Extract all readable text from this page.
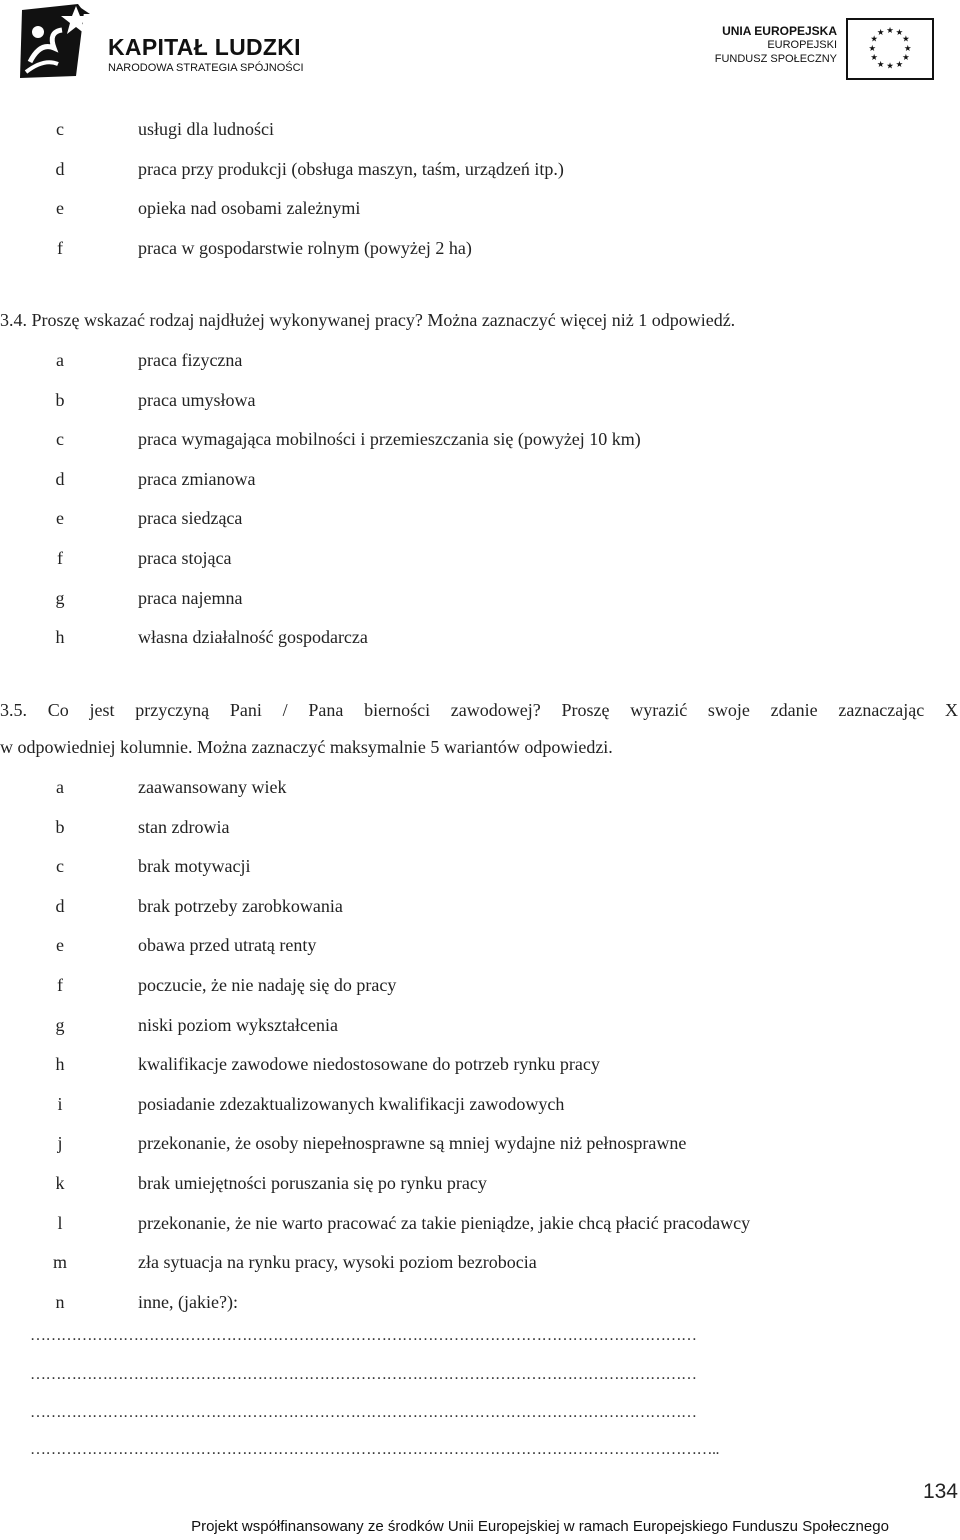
KAPITAŁ LUDZKI
NARODOWA STRATEGIA SPÓJNOŚCI
UNIA EUROPEJSKA
EUROPEJSKI
FUNDUSZ SPOŁECZNY
★ ★
★
★
★
★
★
★
★
★
★
★
c	usługi dla ludności
d	praca przy produkcji (obsługa maszyn, taśm, urządzeń itp.)
e	opieka nad osobami zależnymi
f	praca w gospodarstwie rolnym (powyżej 2 ha)
3.4. Proszę wskazać rodzaj najdłużej wykonywanej pracy? Można zaznaczyć więcej niż 1 odpowiedź.
a	praca fizyczna
b	praca umysłowa
c	praca wymagająca mobilności i przemieszczania się (powyżej 10 km)
d	praca zmianowa
e	praca siedząca
f	praca stojąca
g	praca najemna
h	własna działalność gospodarcza
3.5. Co jest przyczyną Pani / Pana bierności zawodowej? Proszę wyrazić swoje zdanie zaznaczając X
w odpowiedniej kolumnie. Można zaznaczyć maksymalnie 5 wariantów odpowiedzi.
a	zaawansowany wiek
b	stan zdrowia
c	brak motywacji
d	brak potrzeby zarobkowania
e	obawa przed utratą renty
f	poczucie, że nie nadaję się do pracy
g	niski poziom wykształcenia
h	kwalifikacje zawodowe niedostosowane do potrzeb rynku pracy
i	posiadanie zdezaktualizowanych kwalifikacji zawodowych
j	przekonanie, że osoby niepełnosprawne są mniej wydajne niż pełnosprawne
k	brak umiejętności poruszania się po rynku pracy
l	przekonanie, że nie warto pracować za takie pieniądze, jakie chcą płacić pracodawcy
m	zła sytuacja na rynku pracy, wysoki poziom bezrobocia
n	inne, (jakie?):
…………………………………………………………………………………………………………………
…………………………………………………………………………………………………………………
…………………………………………………………………………………………………………………
……………………………………………………………………………………………………………………..
134
Projekt współfinansowany ze środków Unii Europejskiej w ramach Europejskiego Funduszu Społecznego
